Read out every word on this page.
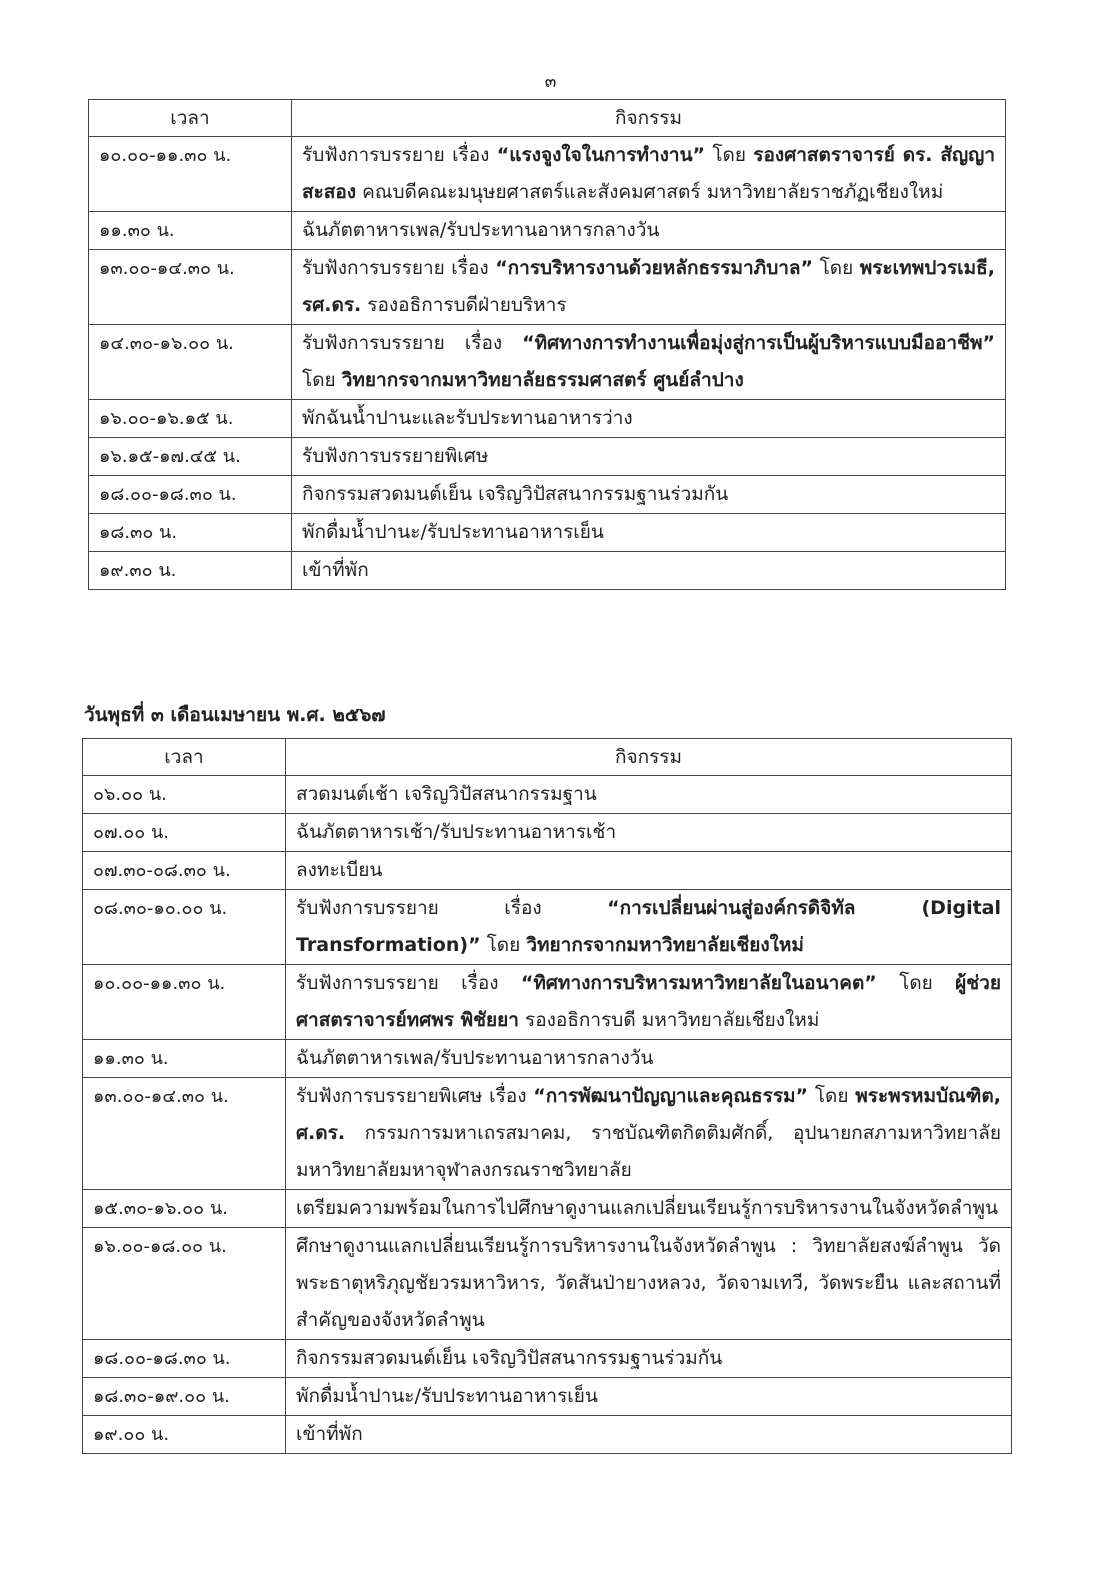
๓
เวลา	กิจกรรม
๑๐.๐๐-๑๑.๓๐ น.	รับฟังการบรรยาย เรื่อง “แรงจูงใจในการทำงาน” โดย รองศาสตราจารย์ ดร. สัญญา สะสอง คณบดีคณะมนุษยศาสตร์และสังคมศาสตร์ มหาวิทยาลัยราชภัฏเชียงใหม่
๑๑.๓๐ น.	ฉันภัตตาหารเพล/รับประทานอาหารกลางวัน
๑๓.๐๐-๑๔.๓๐ น.	รับฟังการบรรยาย เรื่อง “การบริหารงานด้วยหลักธรรมาภิบาล” โดย พระเทพปวรเมธี, รศ.ดร. รองอธิการบดีฝ่ายบริหาร
๑๔.๓๐-๑๖.๐๐ น.	รับฟังการบรรยาย เรื่อง “ทิศทางการทำงานเพื่อมุ่งสู่การเป็นผู้บริหารแบบมืออาชีพ” โดย วิทยากรจากมหาวิทยาลัยธรรมศาสตร์ ศูนย์ลำปาง
๑๖.๐๐-๑๖.๑๕ น.	พักฉันน้ำปานะและรับประทานอาหารว่าง
๑๖.๑๕-๑๗.๔๕ น.	รับฟังการบรรยายพิเศษ
๑๘.๐๐-๑๘.๓๐ น.	กิจกรรมสวดมนต์เย็น เจริญวิปัสสนากรรมฐานร่วมกัน
๑๘.๓๐ น.	พักดื่มน้ำปานะ/รับประทานอาหารเย็น
๑๙.๓๐ น.	เข้าที่พัก
วันพุธที่ ๓ เดือนเมษายน พ.ศ. ๒๕๖๗
เวลา	กิจกรรม
๐๖.๐๐ น.	สวดมนต์เช้า เจริญวิปัสสนากรรมฐาน
๐๗.๐๐ น.	ฉันภัตตาหารเช้า/รับประทานอาหารเช้า
๐๗.๓๐-๐๘.๓๐ น.	ลงทะเบียน
๐๘.๓๐-๑๐.๐๐ น.	รับฟังการบรรยาย เรื่อง “การเปลี่ยนผ่านสู่องค์กรดิจิทัล (Digital Transformation)” โดย วิทยากรจากมหาวิทยาลัยเชียงใหม่
๑๐.๐๐-๑๑.๓๐ น.	รับฟังการบรรยาย เรื่อง “ทิศทางการบริหารมหาวิทยาลัยในอนาคต” โดย ผู้ช่วยศาสตราจารย์ทศพร พิชัยยา รองอธิการบดี มหาวิทยาลัยเชียงใหม่
๑๑.๓๐ น.	ฉันภัตตาหารเพล/รับประทานอาหารกลางวัน
๑๓.๐๐-๑๔.๓๐ น.	รับฟังการบรรยายพิเศษ เรื่อง “การพัฒนาปัญญาและคุณธรรม” โดย พระพรหมบัณฑิต, ศ.ดร. กรรมการมหาเถรสมาคม, ราชบัณฑิตกิตติมศักดิ์, อุปนายกสภามหาวิทยาลัย มหาวิทยาลัยมหาจุฬาลงกรณราชวิทยาลัย
๑๕.๓๐-๑๖.๐๐ น.	เตรียมความพร้อมในการไปศึกษาดูงานแลกเปลี่ยนเรียนรู้การบริหารงานในจังหวัดลำพูน
๑๖.๐๐-๑๘.๐๐ น.	ศึกษาดูงานแลกเปลี่ยนเรียนรู้การบริหารงานในจังหวัดลำพูน : วิทยาลัยสงฆ์ลำพูน วัดพระธาตุหริภุญชัยวรมหาวิหาร, วัดสันป่ายางหลวง, วัดจามเทวี, วัดพระยืน และสถานที่สำคัญของจังหวัดลำพูน
๑๘.๐๐-๑๘.๓๐ น.	กิจกรรมสวดมนต์เย็น เจริญวิปัสสนากรรมฐานร่วมกัน
๑๘.๓๐-๑๙.๐๐ น.	พักดื่มน้ำปานะ/รับประทานอาหารเย็น
๑๙.๐๐ น.	เข้าที่พัก
